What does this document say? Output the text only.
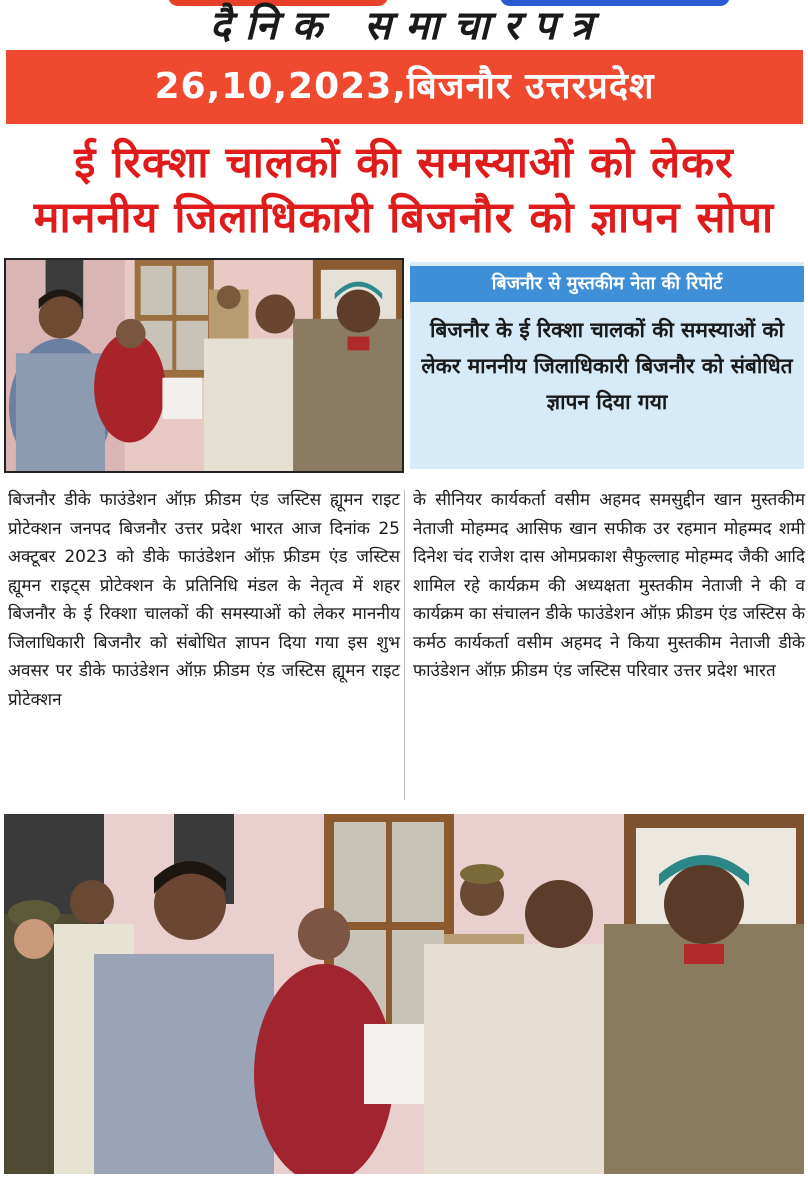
दैनिक समाचारपत्र
26,10,2023,बिजनौर उत्तरप्रदेश
ई रिक्शा चालकों की समस्याओं को लेकर
माननीय जिलाधिकारी बिजनौर को ज्ञापन सोपा
बिजनौर से मुस्तकीम नेता की रिपोर्ट
बिजनौर के ई रिक्शा चालकों की समस्याओं को लेकर माननीय जिलाधिकारी बिजनौर को संबोधित ज्ञापन दिया गया
बिजनौर डीके फाउंडेशन ऑफ़ फ्रीडम एंड जस्टिस ह्यूमन राइट प्रोटेक्शन जनपद बिजनौर उत्तर प्रदेश भारत आज दिनांक 25 अक्टूबर 2023 को डीके फाउंडेशन ऑफ़ फ्रीडम एंड जस्टिस ह्यूमन राइट्स प्रोटेक्शन के प्रतिनिधि मंडल के नेतृत्व में शहर बिजनौर के ई रिक्शा चालकों की समस्याओं को लेकर माननीय जिलाधिकारी बिजनौर को संबोधित ज्ञापन दिया गया इस शुभ अवसर पर डीके फाउंडेशन ऑफ़ फ्रीडम एंड जस्टिस ह्यूमन राइट प्रोटेक्शन
के सीनियर कार्यकर्ता वसीम अहमद समसुद्दीन खान मुस्तकीम नेताजी मोहम्मद आसिफ खान सफीक उर रहमान मोहम्मद शमी दिनेश चंद राजेश दास ओमप्रकाश सैफुल्लाह मोहम्मद जैकी आदि शामिल रहे कार्यक्रम की अध्यक्षता मुस्तकीम नेताजी ने की व कार्यक्रम का संचालन डीके फाउंडेशन ऑफ़ फ्रीडम एंड जस्टिस के कर्मठ कार्यकर्ता वसीम अहमद ने किया मुस्तकीम नेताजी डीके फाउंडेशन ऑफ़ फ्रीडम एंड जस्टिस परिवार उत्तर प्रदेश भारत
